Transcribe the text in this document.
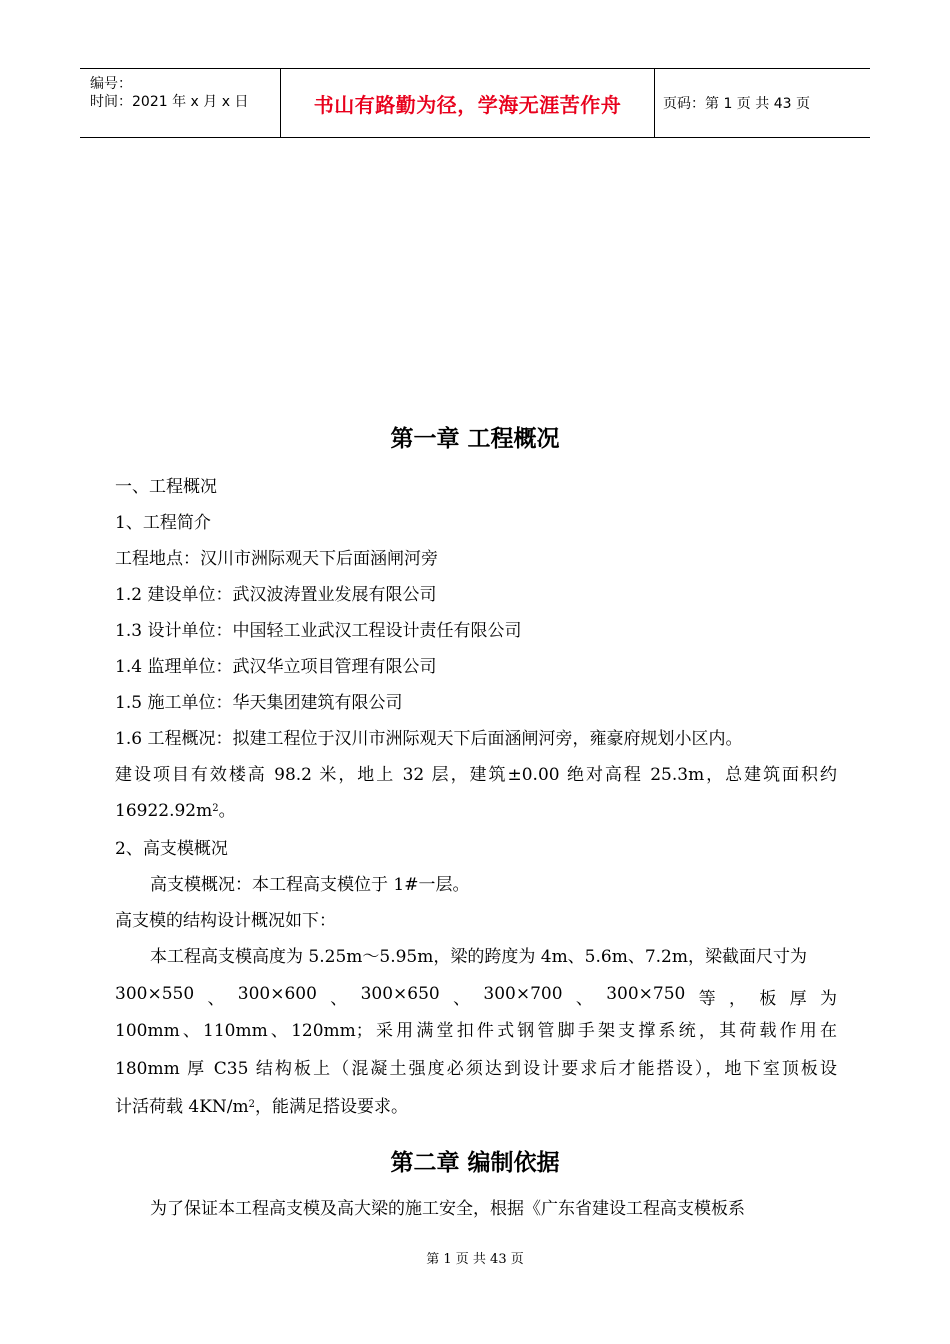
编号：
时间：2021 年 x 月 x 日	书山有路勤为径，学海无涯苦作舟	页码：第 1 页 共 43 页
第一章 工程概况
一、工程概况
1、工程简介
工程地点：汉川市洲际观天下后面涵闸河旁
1.2 建设单位：武汉波涛置业发展有限公司
1.3 设计单位：中国轻工业武汉工程设计责任有限公司
1.4 监理单位：武汉华立项目管理有限公司
1.5 施工单位：华天集团建筑有限公司
1.6 工程概况：拟建工程位于汉川市洲际观天下后面涵闸河旁，雍豪府规划小区内。
建设项目有效楼高 98.2 米，地上 32 层，建筑±0.00 绝对高程 25.3m，总建筑面积约
$16922.92m^2$。
2、高支模概况
高支模概况：本工程高支模位于 1#一层。
高支模的结构设计概况如下：
本工程高支模高度为 5.25m～5.95m，梁的跨度为 4m、5.6m、7.2m，梁截面尺寸为
300×550 、 300×600 、 300×650 、 300×700 、 300×750 等 ， 板 厚 为
100mm、110mm、120mm；采用满堂扣件式钢管脚手架支撑系统，其荷载作用在
180mm 厚 C35 结构板上（混凝土强度必须达到设计要求后才能搭设），地下室顶板设
计活荷载 $4KN/m^2$，能满足搭设要求。
第二章 编制依据
为了保证本工程高支模及高大梁的施工安全，根据《广东省建设工程高支模板系
第 1 页 共 43 页
